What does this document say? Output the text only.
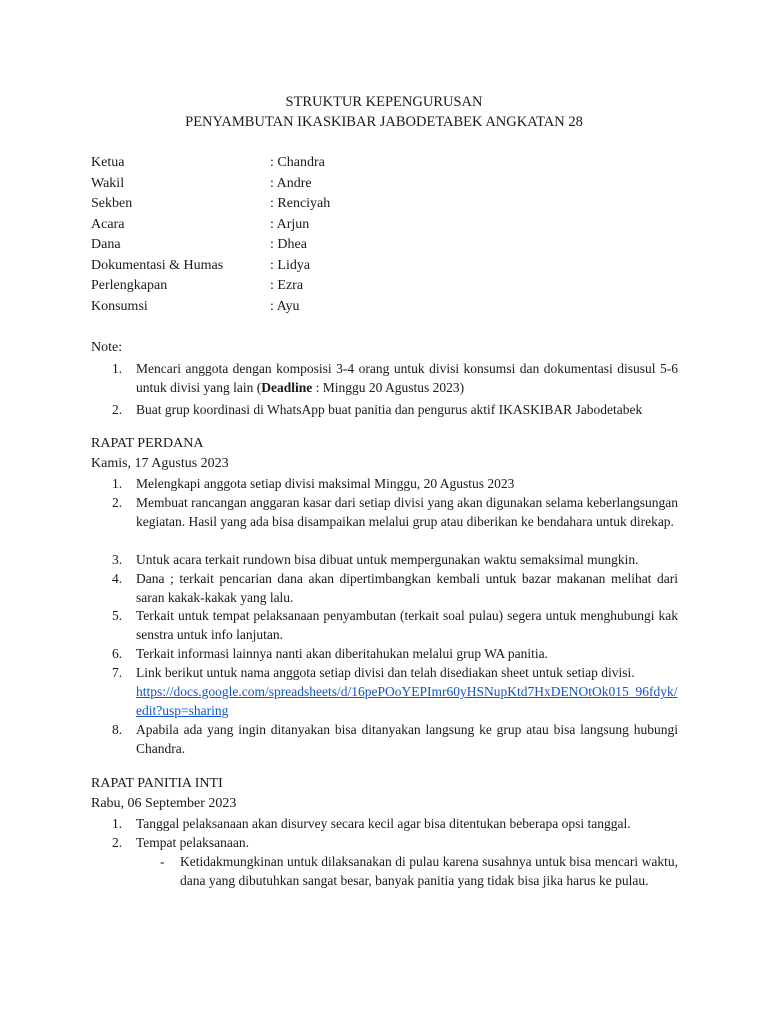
STRUKTUR KEPENGURUSAN
PENYAMBUTAN IKASKIBAR JABODETABEK ANGKATAN 28
Ketua	: Chandra
Wakil	: Andre
Sekben	: Renciyah
Acara	: Arjun
Dana	: Dhea
Dokumentasi & Humas	: Lidya
Perlengkapan	: Ezra
Konsumsi	: Ayu
Note:
1. Mencari anggota dengan komposisi 3-4 orang untuk divisi konsumsi dan dokumentasi disusul 5-6 untuk divisi yang lain (Deadline : Minggu 20 Agustus 2023)
2. Buat grup koordinasi di WhatsApp buat panitia dan pengurus aktif IKASKIBAR Jabodetabek
RAPAT PERDANA
Kamis, 17 Agustus 2023
1. Melengkapi anggota setiap divisi maksimal Minggu, 20 Agustus 2023
2. Membuat rancangan anggaran kasar dari setiap divisi yang akan digunakan selama keberlangsungan kegiatan. Hasil yang ada bisa disampaikan melalui grup atau diberikan ke bendahara untuk direkap.
3. Untuk acara terkait rundown bisa dibuat untuk mempergunakan waktu semaksimal mungkin.
4. Dana ; terkait pencarian dana akan dipertimbangkan kembali untuk bazar makanan melihat dari saran kakak-kakak yang lalu.
5. Terkait untuk tempat pelaksanaan penyambutan (terkait soal pulau) segera untuk menghubungi kak senstra untuk info lanjutan.
6. Terkait informasi lainnya nanti akan diberitahukan melalui grup WA panitia.
7. Link berikut untuk nama anggota setiap divisi dan telah disediakan sheet untuk setiap divisi.
https://docs.google.com/spreadsheets/d/16pePOoYEPImr60yHSNupKtd7HxDENOtOk015_96fdyk/edit?usp=sharing
8. Apabila ada yang ingin ditanyakan bisa ditanyakan langsung ke grup atau bisa langsung hubungi Chandra.
RAPAT PANITIA INTI
Rabu, 06 September 2023
1. Tanggal pelaksanaan akan disurvey secara kecil agar bisa ditentukan beberapa opsi tanggal.
2. Tempat pelaksanaan.
- Ketidakmungkinan untuk dilaksanakan di pulau karena susahnya untuk bisa mencari waktu, dana yang dibutuhkan sangat besar, banyak panitia yang tidak bisa jika harus ke pulau.
